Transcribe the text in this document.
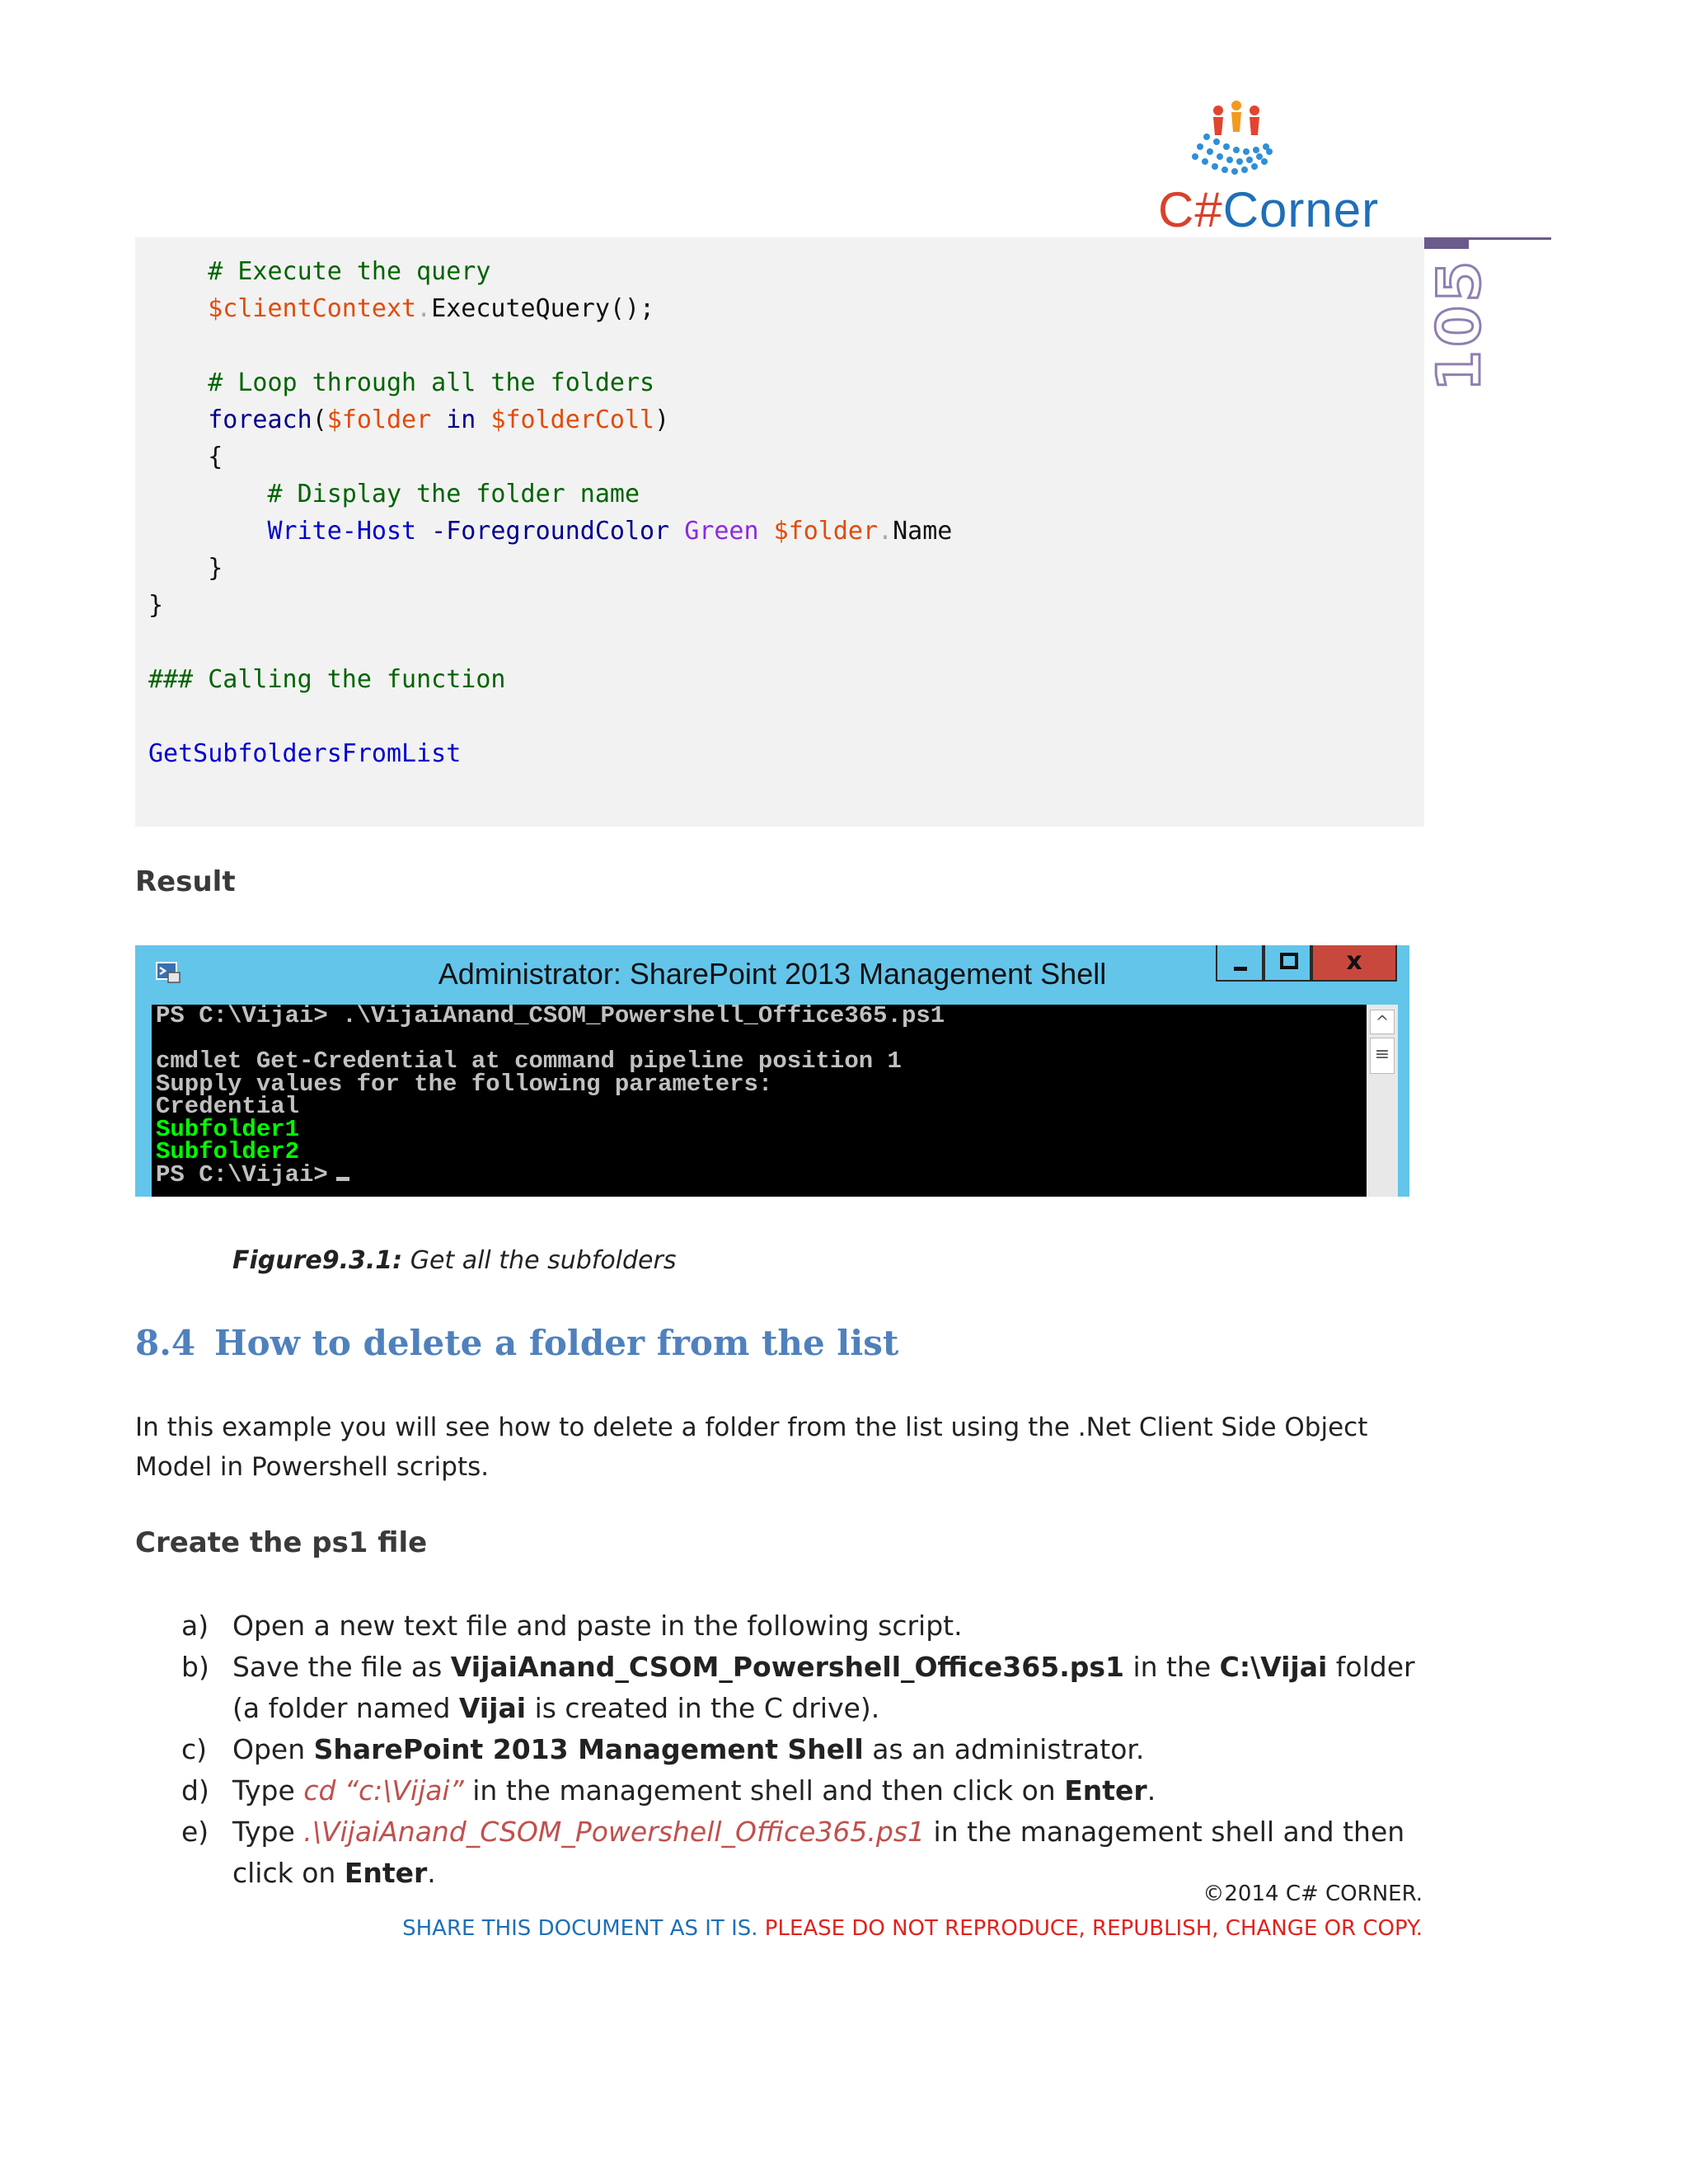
C#Corner
105
# Execute the query
$clientContext.ExecuteQuery();
# Loop through all the folders
foreach($folder in $folderColl)
{
# Display the folder name
Write-Host -ForegroundColor Green $folder.Name
}
}
### Calling the function
GetSubfoldersFromList
Result
Administrator: SharePoint 2013 Management Shell	x
PS C:\Vijai> .\VijaiAnand_CSOM_Powershell_Office365.ps1
cmdlet Get-Credential at command pipeline position 1
Supply values for the following parameters:
Credential
Subfolder1
Subfolder2
PS C:\Vijai>
^
≡
Figure9.3.1: Get all the subfolders
8.4 How to delete a folder from the list
In this example you will see how to delete a folder from the list using the .Net Client Side Object Model in Powershell scripts.
Create the ps1 file
a) Open a new text file and paste in the following script.
b) Save the file as VijaiAnand_CSOM_Powershell_Office365.ps1 in the C:\Vijai folder (a folder named Vijai is created in the C drive).
c) Open SharePoint 2013 Management Shell as an administrator.
d) Type cd “c:\Vijai” in the management shell and then click on Enter.
e) Type .\VijaiAnand_CSOM_Powershell_Office365.ps1 in the management shell and then click on Enter.
©2014 C# CORNER.
SHARE THIS DOCUMENT AS IT IS. PLEASE DO NOT REPRODUCE, REPUBLISH, CHANGE OR COPY.
